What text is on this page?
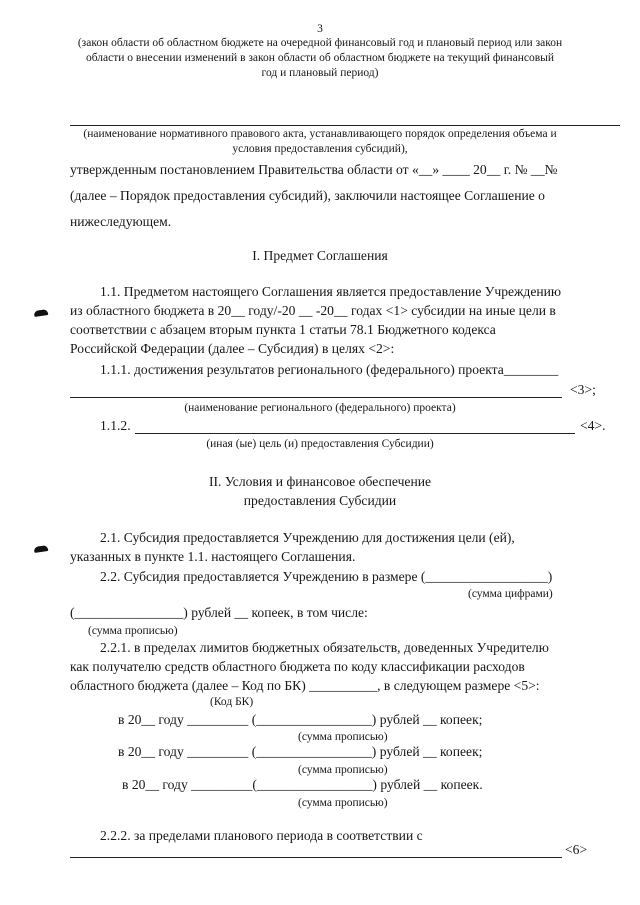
3
(закон области об областном бюджете на очередной финансовый год и плановый период или закон
области о внесении изменений в закон области об областном бюджете на текущий финансовый
год и плановый период)
(наименование нормативного правового акта, устанавливающего порядок определения объема и
условия предоставления субсидий),
утвержденным постановлением Правительства области от «__» ____ 20__ г. № __№
(далее – Порядок предоставления субсидий), заключили настоящее Соглашение о
нижеследующем.
I. Предмет Соглашения
1.1. Предметом настоящего Соглашения является предоставление Учреждению
из областного бюджета в 20__ году/-20 __ -20__ годах <1> субсидии на иные цели в
соответствии с абзацем вторым пункта 1 статьи 78.1 Бюджетного кодекса
Российской Федерации (далее – Субсидия) в целях <2>:
1.1.1. достижения результатов регионального (федерального) проекта________
<3>;
(наименование регионального (федерального) проекта)
1.1.2.	<4>.
(иная (ые) цель (и) предоставления Субсидии)
II. Условия и финансовое обеспечение
предоставления Субсидии
2.1. Субсидия предоставляется Учреждению для достижения цели (ей),
указанных в пункте 1.1. настоящего Соглашения.
2.2. Субсидия предоставляется Учреждению в размере (__________________)
(сумма цифрами)
(________________) рублей __ копеек, в том числе:
(сумма прописью)
2.2.1. в пределах лимитов бюджетных обязательств, доведенных Учредителю
как получателю средств областного бюджета по коду классификации расходов
областного бюджета (далее – Код по БК) __________, в следующем размере <5>:
(Код БК)
в 20__ году _________ (_________________) рублей __ копеек;
(сумма прописью)
в 20__ году _________ (_________________) рублей __ копеек;
(сумма прописью)
в 20__ году _________(_________________) рублей __ копеек.
(сумма прописью)
2.2.2. за пределами планового периода в соответствии с
<6>
